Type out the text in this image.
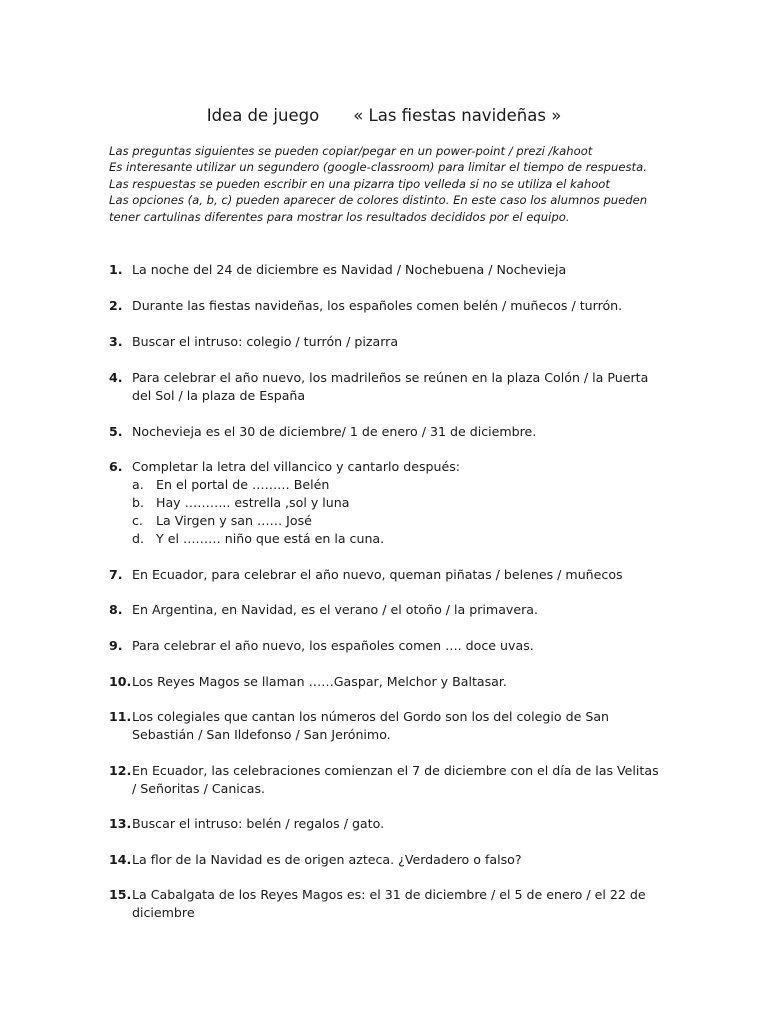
Idea de juego « Las fiestas navideñas »
Las preguntas siguientes se pueden copiar/pegar en un power-point / prezi /kahoot
Es interesante utilizar un segundero (google-classroom) para limitar el tiempo de respuesta.
Las respuestas se pueden escribir en una pizarra tipo velleda si no se utiliza el kahoot
Las opciones (a, b, c) pueden aparecer de colores distinto. En este caso los alumnos pueden
tener cartulinas diferentes para mostrar los resultados decididos por el equipo.
1. La noche del 24 de diciembre es Navidad / Nochebuena / Nochevieja
2. Durante las fiestas navideñas, los españoles comen belén / muñecos / turrón.
3. Buscar el intruso: colegio / turrón / pizarra
4. Para celebrar el año nuevo, los madrileños se reúnen en la plaza Colón / la Puerta
del Sol / la plaza de España
5. Nochevieja es el 30 de diciembre/ 1 de enero / 31 de diciembre.
6. Completar la letra del villancico y cantarlo después:
a. En el portal de ……… Belén
b. Hay ……….. estrella ,sol y luna
c. La Virgen y san …… José
d. Y el ……… niño que está en la cuna.
7. En Ecuador, para celebrar el año nuevo, queman piñatas / belenes / muñecos
8. En Argentina, en Navidad, es el verano / el otoño / la primavera.
9. Para celebrar el año nuevo, los españoles comen …. doce uvas.
10. Los Reyes Magos se llaman ……Gaspar, Melchor y Baltasar.
11. Los colegiales que cantan los números del Gordo son los del colegio de San
Sebastián / San Ildefonso / San Jerónimo.
12. En Ecuador, las celebraciones comienzan el 7 de diciembre con el día de las Velitas
/ Señoritas / Canicas.
13. Buscar el intruso: belén / regalos / gato.
14. La flor de la Navidad es de origen azteca. ¿Verdadero o falso?
15. La Cabalgata de los Reyes Magos es: el 31 de diciembre / el 5 de enero / el 22 de
diciembre
